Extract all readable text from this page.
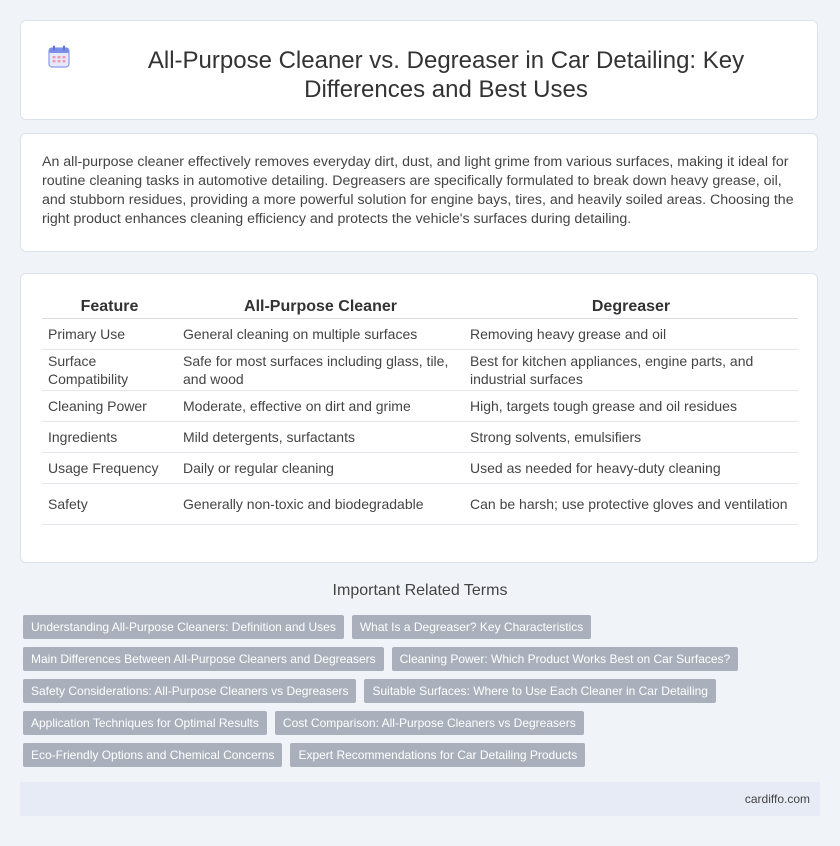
All-Purpose Cleaner vs. Degreaser in Car Detailing: Key Differences and Best Uses

An all-purpose cleaner effectively removes everyday dirt, dust, and light grime from various surfaces, making it ideal for routine cleaning tasks in automotive detailing. Degreasers are specifically formulated to break down heavy grease, oil, and stubborn residues, providing a more powerful solution for engine bays, tires, and heavily soiled areas. Choosing the right product enhances cleaning efficiency and protects the vehicle's surfaces during detailing.

Feature	All-Purpose Cleaner	Degreaser
Primary Use	General cleaning on multiple surfaces	Removing heavy grease and oil
Surface Compatibility	Safe for most surfaces including glass, tile, and wood	Best for kitchen appliances, engine parts, and industrial surfaces
Cleaning Power	Moderate, effective on dirt and grime	High, targets tough grease and oil residues
Ingredients	Mild detergents, surfactants	Strong solvents, emulsifiers
Usage Frequency	Daily or regular cleaning	Used as needed for heavy-duty cleaning
Safety	Generally non-toxic and biodegradable	Can be harsh; use protective gloves and ventilation
Important Related Terms
Understanding All-Purpose Cleaners: Definition and Uses	What Is a Degreaser? Key Characteristics
Main Differences Between All-Purpose Cleaners and Degreasers	Cleaning Power: Which Product Works Best on Car Surfaces?
Safety Considerations: All-Purpose Cleaners vs Degreasers	Suitable Surfaces: Where to Use Each Cleaner in Car Detailing
Application Techniques for Optimal Results	Cost Comparison: All-Purpose Cleaners vs Degreasers
Eco-Friendly Options and Chemical Concerns	Expert Recommendations for Car Detailing Products
cardiffo.com
